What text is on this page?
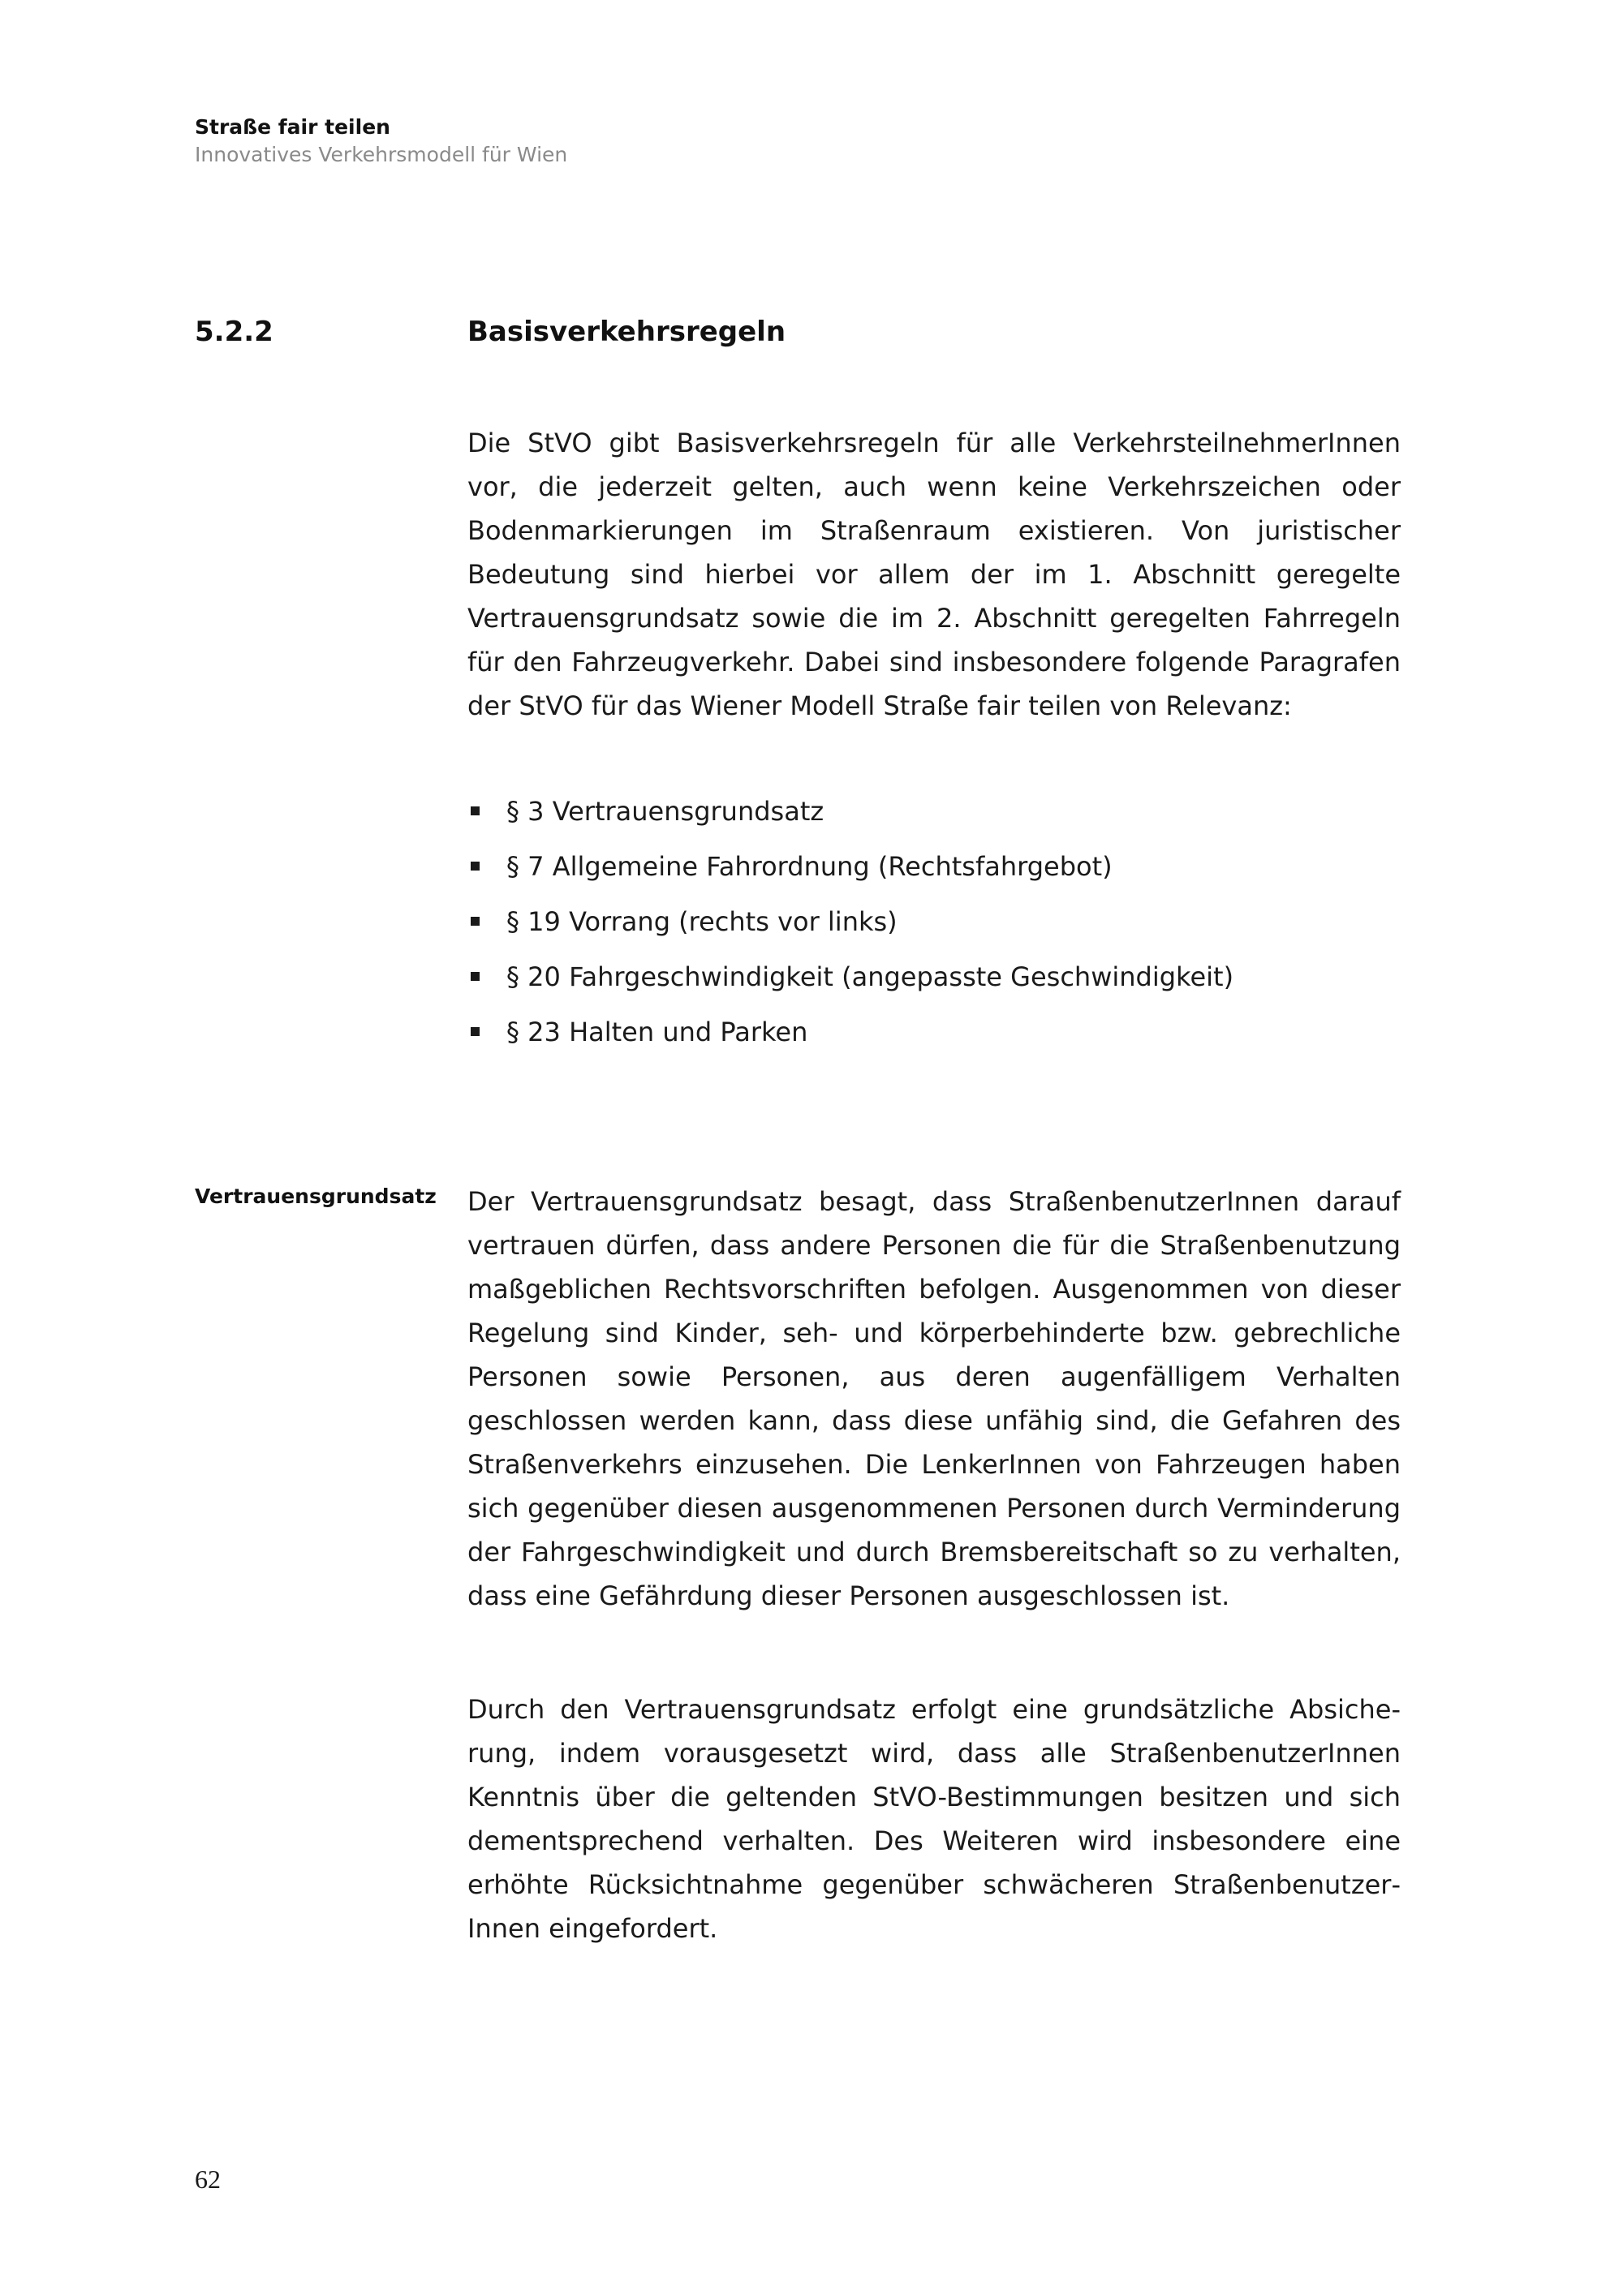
Straße fair teilen
Innovatives Verkehrsmodell für Wien
5.2.2	Basisverkehrsregeln

Die StVO gibt Basisverkehrsregeln für alle VerkehrsteilnehmerInnen vor, die jederzeit gelten, auch wenn keine Verkehrszeichen oder Bodenmarkierungen im Straßenraum existieren. Von juristischer Bedeutung sind hierbei vor allem der im 1. Abschnitt geregelte Vertrauensgrundsatz sowie die im 2. Abschnitt geregelten Fahrregeln für den Fahrzeugverkehr. Dabei sind insbesondere folgende Paragrafen der StVO für das Wiener Modell Straße fair teilen von Relevanz:

§ 3 Vertrauensgrundsatz
§ 7 Allgemeine Fahrordnung (Rechtsfahrgebot)
§ 19 Vorrang (rechts vor links)
§ 20 Fahrgeschwindigkeit (angepasste Geschwindigkeit)
§ 23 Halten und Parken
Vertrauensgrundsatz Der Vertrauensgrundsatz besagt, dass StraßenbenutzerInnen darauf vertrauen dürfen, dass andere Personen die für die Straßenbenutzung maßgeblichen Rechtsvorschriften befolgen. Ausgenommen von dieser Regelung sind Kinder, seh- und körperbehinderte bzw. gebrechliche Personen sowie Personen, aus deren augenfälligem Verhalten geschlossen werden kann, dass diese unfähig sind, die Gefahren des Straßenverkehrs einzusehen. Die LenkerInnen von Fahrzeugen haben sich gegenüber diesen ausgenommenen Personen durch Verminderung der Fahrgeschwindigkeit und durch Bremsbereitschaft so zu verhalten, dass eine Gefährdung dieser Personen ausgeschlossen ist.

Durch den Vertrauensgrundsatz erfolgt eine grundsätzliche Absicherung, indem vorausgesetzt wird, dass alle StraßenbenutzerInnen Kenntnis über die geltenden StVO-Bestimmungen besitzen und sich dementsprechend verhalten. Des Weiteren wird insbesondere eine erhöhte Rücksichtnahme gegenüber schwächeren StraßenbenutzerInnen eingefordert.

62
